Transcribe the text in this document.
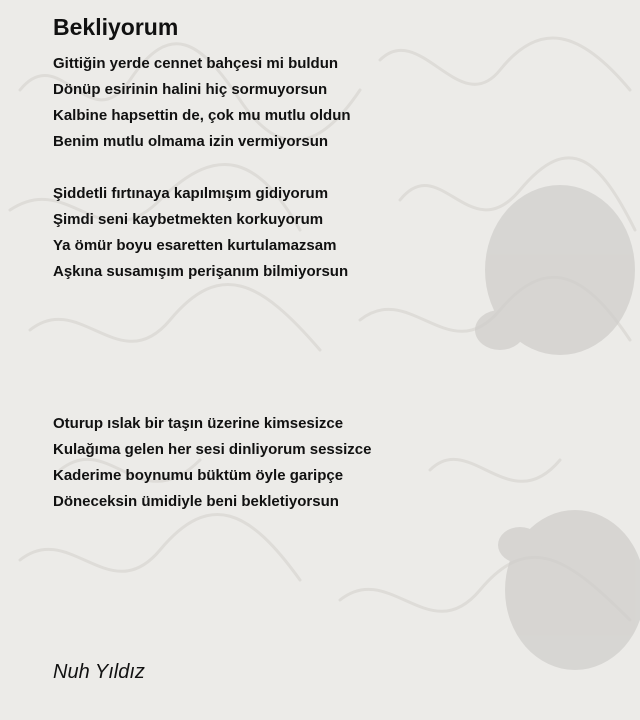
Bekliyorum
Gittiğin yerde cennet bahçesi mi buldun
Dönüp esirinin halini hiç sormuyorsun
Kalbine hapsettin de, çok mu mutlu oldun
Benim mutlu olmama izin vermiyorsun
Şiddetli fırtınaya kapılmışım gidiyorum
Şimdi seni kaybetmekten korkuyorum
Ya ömür boyu esaretten kurtulamazsam
Aşkına susamışım perişanım bilmiyorsun
Oturup ıslak bir taşın üzerine kimsesizce
Kulağıma gelen her sesi dinliyorum sessizce
Kaderime boynumu büktüm öyle garipçe
Döneceksin ümidiyle beni bekletiyorsun
Nuh Yıldız
